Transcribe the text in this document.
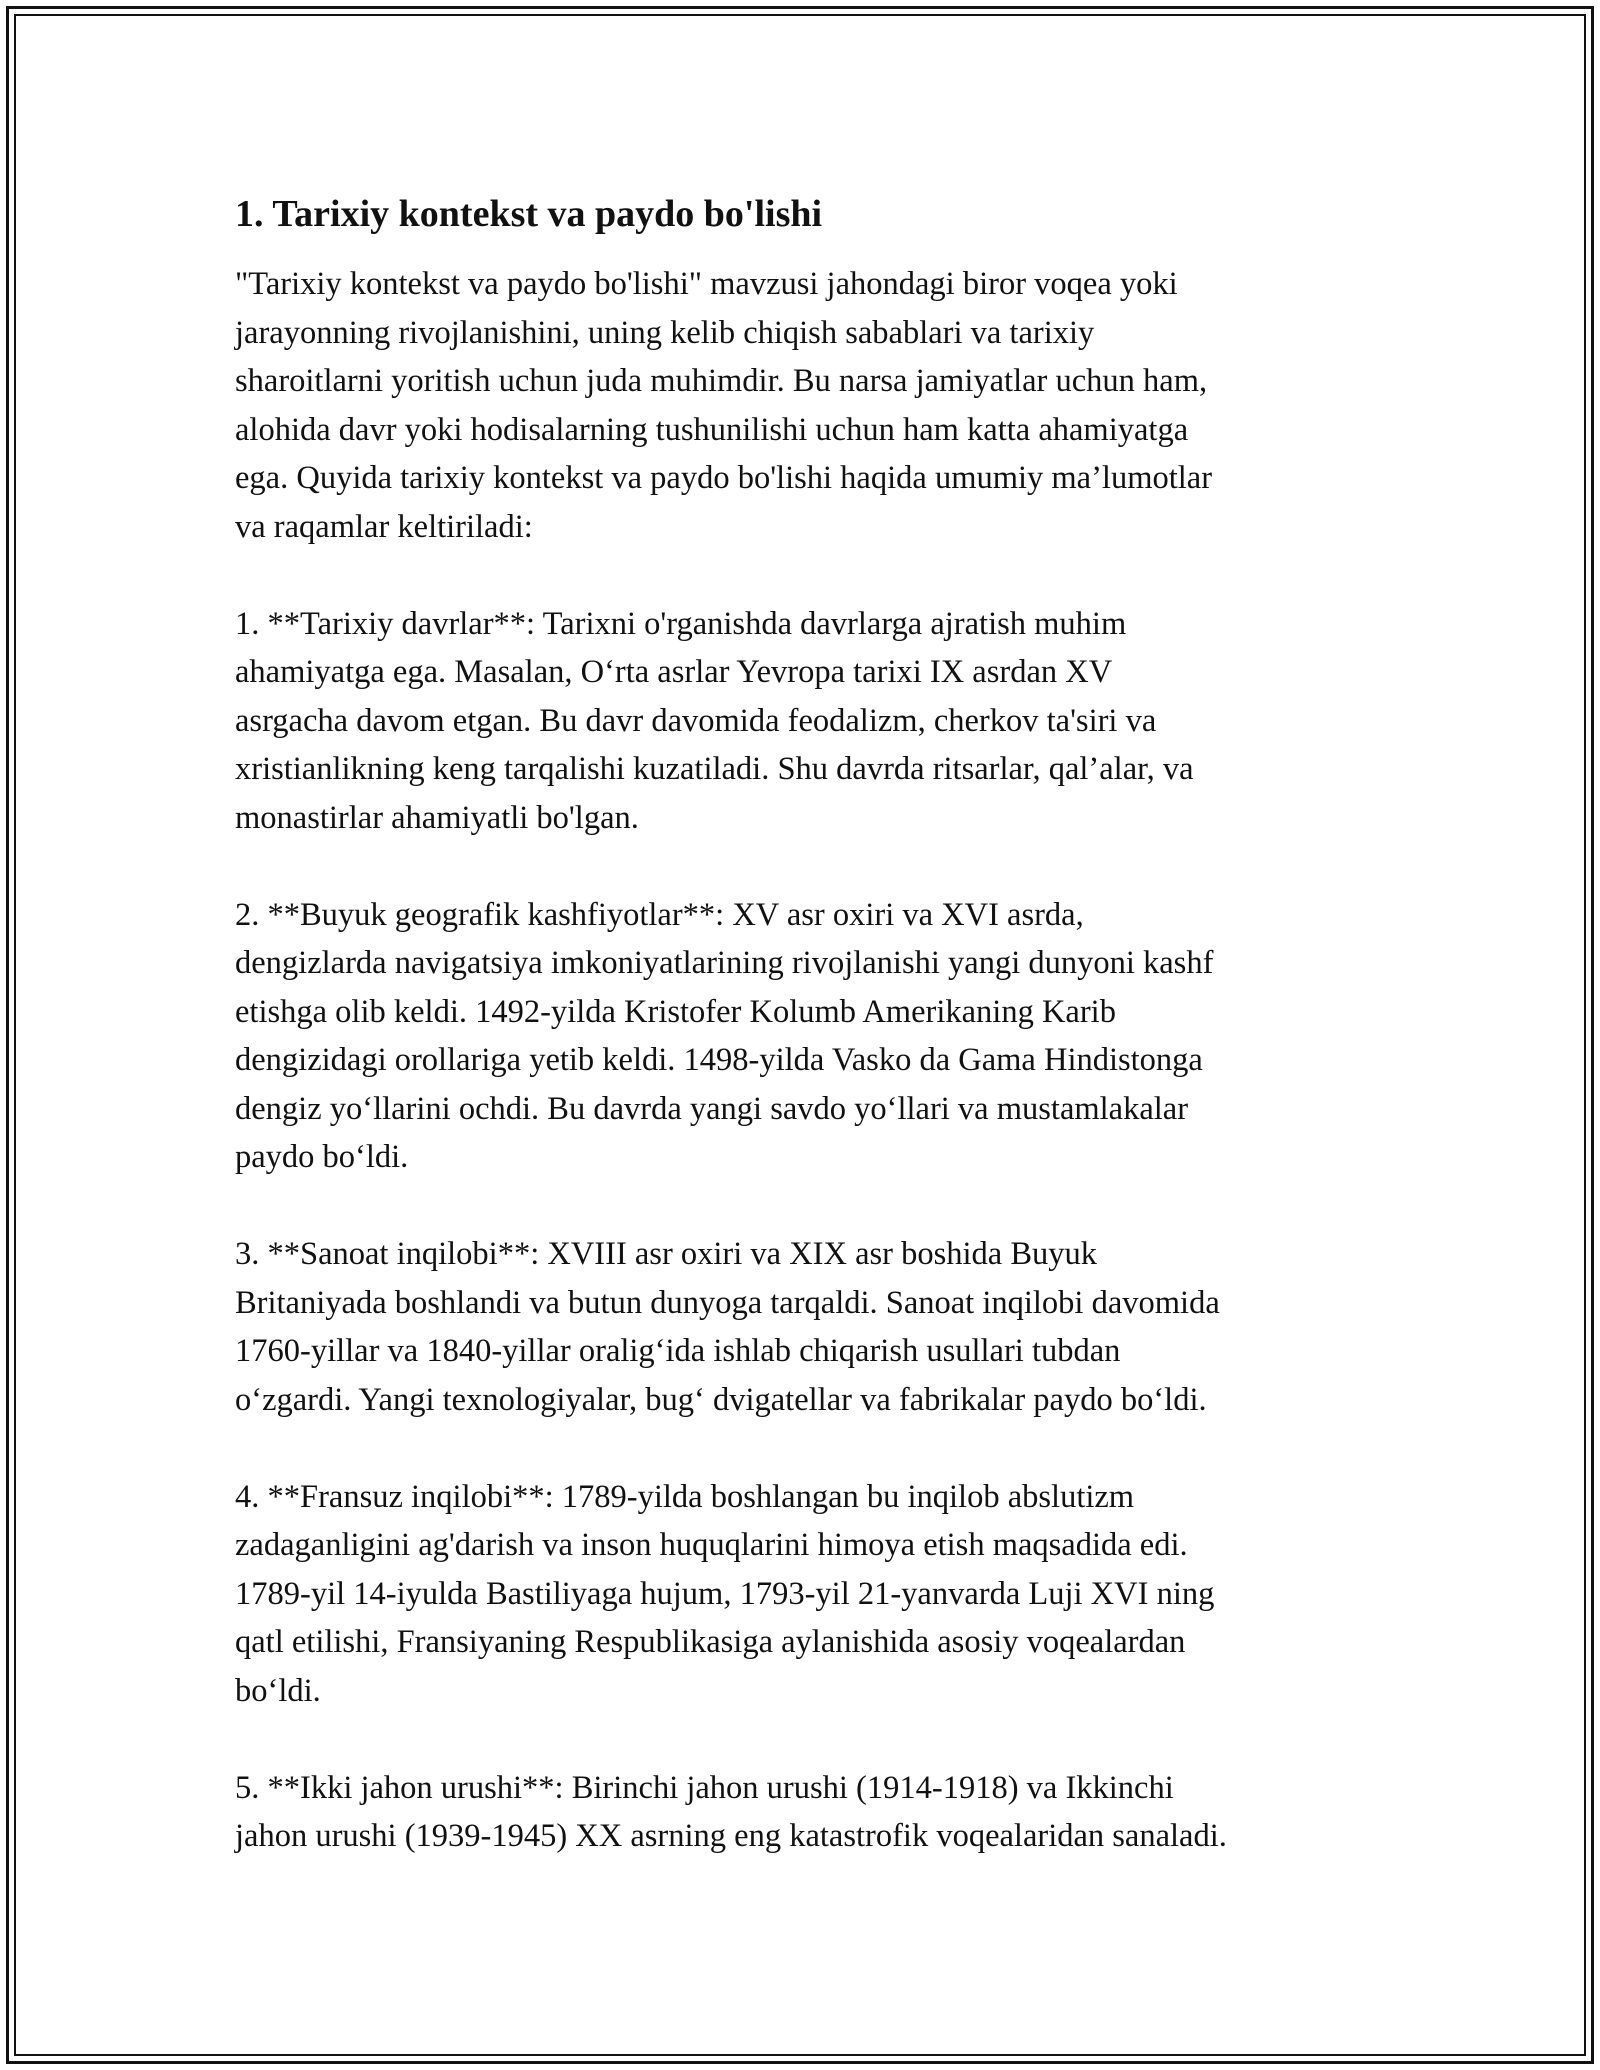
1. Tarixiy kontekst va paydo bo'lishi

"Tarixiy kontekst va paydo bo'lishi" mavzusi jahondagi biror voqea yoki
jarayonning rivojlanishini, uning kelib chiqish sabablari va tarixiy
sharoitlarni yoritish uchun juda muhimdir. Bu narsa jamiyatlar uchun ham,
alohida davr yoki hodisalarning tushunilishi uchun ham katta ahamiyatga
ega. Quyida tarixiy kontekst va paydo bo'lishi haqida umumiy ma’lumotlar
va raqamlar keltiriladi:

1. **Tarixiy davrlar**: Tarixni o'rganishda davrlarga ajratish muhim
ahamiyatga ega. Masalan, O‘rta asrlar Yevropa tarixi IX asrdan XV
asrgacha davom etgan. Bu davr davomida feodalizm, cherkov ta'siri va
xristianlikning keng tarqalishi kuzatiladi. Shu davrda ritsarlar, qal’alar, va
monastirlar ahamiyatli bo'lgan.

2. **Buyuk geografik kashfiyotlar**: XV asr oxiri va XVI asrda,
dengizlarda navigatsiya imkoniyatlarining rivojlanishi yangi dunyoni kashf
etishga olib keldi. 1492-yilda Kristofer Kolumb Amerikaning Karib
dengizidagi orollariga yetib keldi. 1498-yilda Vasko da Gama Hindistonga
dengiz yo‘llarini ochdi. Bu davrda yangi savdo yo‘llari va mustamlakalar
paydo bo‘ldi.

3. **Sanoat inqilobi**: XVIII asr oxiri va XIX asr boshida Buyuk
Britaniyada boshlandi va butun dunyoga tarqaldi. Sanoat inqilobi davomida
1760-yillar va 1840-yillar oralig‘ida ishlab chiqarish usullari tubdan
o‘zgardi. Yangi texnologiyalar, bug‘ dvigatellar va fabrikalar paydo bo‘ldi.

4. **Fransuz inqilobi**: 1789-yilda boshlangan bu inqilob abslutizm
zadaganligini ag'darish va inson huquqlarini himoya etish maqsadida edi.
1789-yil 14-iyulda Bastiliyaga hujum, 1793-yil 21-yanvarda Luji XVI ning
qatl etilishi, Fransiyaning Respublikasiga aylanishida asosiy voqealardan
bo‘ldi.

5. **Ikki jahon urushi**: Birinchi jahon urushi (1914-1918) va Ikkinchi
jahon urushi (1939-1945) XX asrning eng katastrofik voqealaridan sanaladi.
